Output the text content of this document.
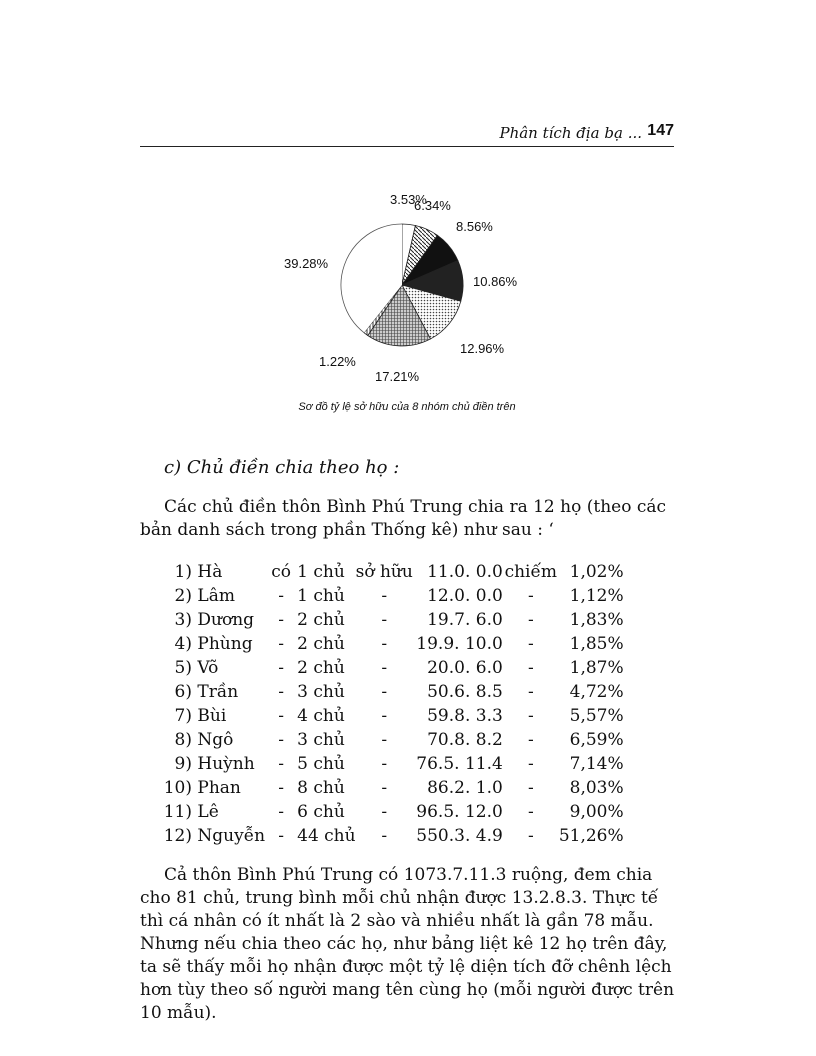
Phân tích địa bạ ... 147
3.53%
6.34%
8.56%
10.86%
12.96%
17.21%
1.22%
39.28%
Sơ đồ tỷ lệ sở hữu của 8 nhóm chủ điền trên
c) Chủ điền chia theo họ :
Các chủ điền thôn Bình Phú Trung chia ra 12 họ (theo các
bản danh sách trong phần Thống kê) như sau : ‘
1) Hà	có	1 chủ	sở hữu	11.0. 0.0	chiếm	1,02%
2) Lâm	-	1 chủ	-	12.0. 0.0	-	1,12%
3) Dương	-	2 chủ	-	19.7. 6.0	-	1,83%
4) Phùng	-	2 chủ	-	19.9. 10.0	-	1,85%
5) Võ	-	2 chủ	-	20.0. 6.0	-	1,87%
6) Trần	-	3 chủ	-	50.6. 8.5	-	4,72%
7) Bùi	-	4 chủ	-	59.8. 3.3	-	5,57%
8) Ngô	-	3 chủ	-	70.8. 8.2	-	6,59%
9) Huỳnh	-	5 chủ	-	76.5. 11.4	-	7,14%
10) Phan	-	8 chủ	-	86.2. 1.0	-	8,03%
11) Lê	-	6 chủ	-	96.5. 12.0	-	9,00%
12) Nguyễn	-	44 chủ	-	550.3. 4.9	-	51,26%
Cả thôn Bình Phú Trung có 1073.7.11.3 ruộng, đem chia
cho 81 chủ, trung bình mỗi chủ nhận được 13.2.8.3. Thực tế
thì cá nhân có ít nhất là 2 sào và nhiều nhất là gần 78 mẫu.
Nhưng nếu chia theo các họ, như bảng liệt kê 12 họ trên đây,
ta sẽ thấy mỗi họ nhận được một tỷ lệ diện tích đỡ chênh lệch
hơn tùy theo số người mang tên cùng họ (mỗi người được trên
10 mẫu).
